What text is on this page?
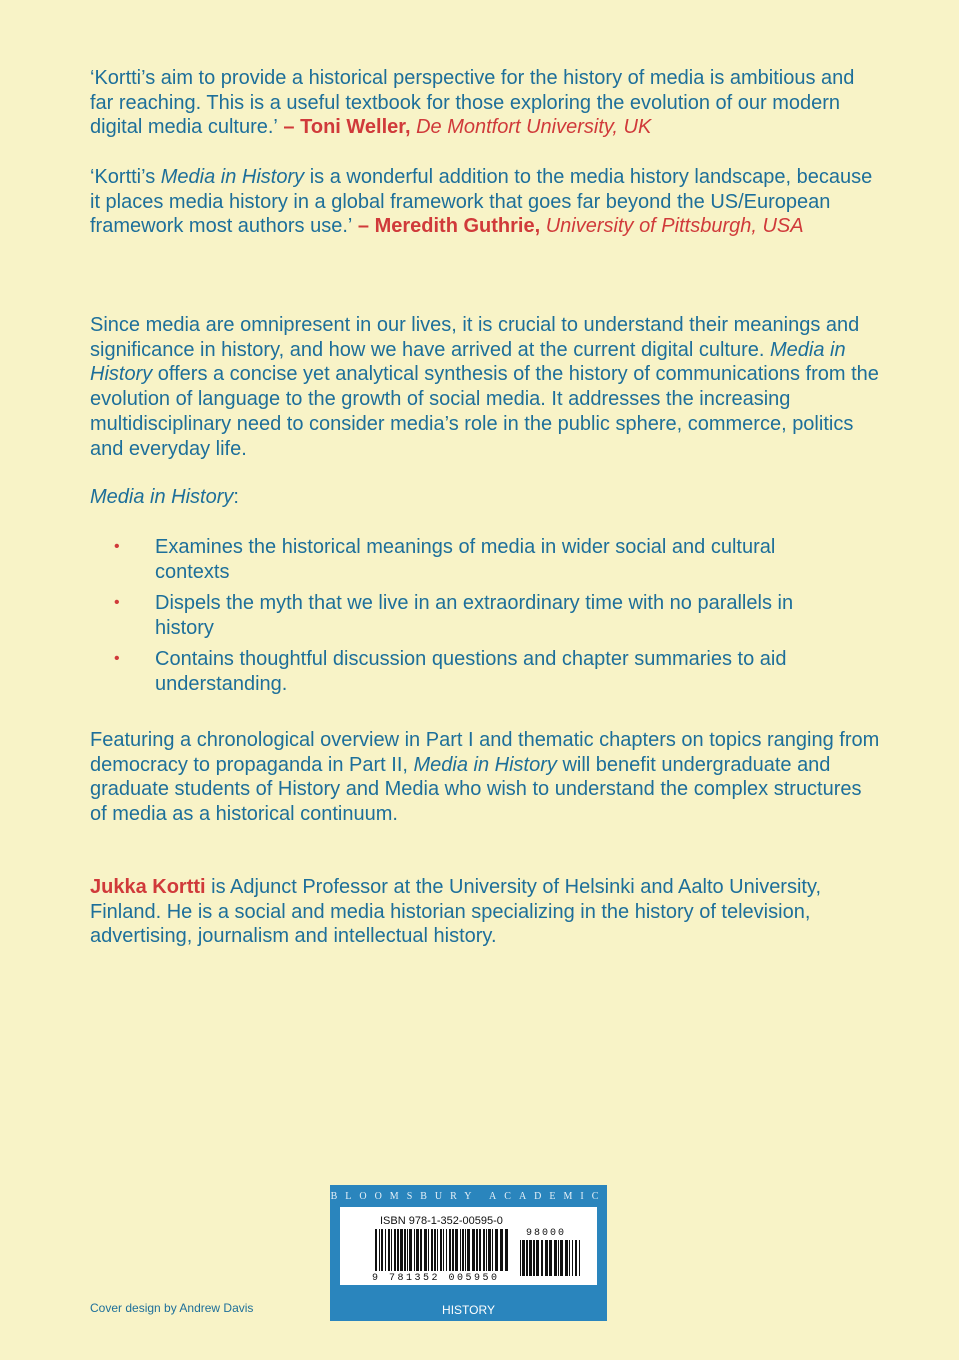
‘Kortti’s aim to provide a historical perspective for the history of media is ambitious and far reaching. This is a useful textbook for those exploring the evolution of our modern digital media culture.’ – Toni Weller, De Montfort University, UK

‘Kortti’s Media in History is a wonderful addition to the media history landscape, because it places media history in a global framework that goes far beyond the US/European framework most authors use.’ – Meredith Guthrie, University of Pittsburgh, USA

Since media are omnipresent in our lives, it is crucial to understand their meanings and significance in history, and how we have arrived at the current digital culture. Media in History offers a concise yet analytical synthesis of the history of communications from the evolution of language to the growth of social media. It addresses the increasing multidisciplinary need to consider media’s role in the public sphere, commerce, politics and everyday life.

Media in History:

• Examines the historical meanings of media in wider social and cultural contexts
• Dispels the myth that we live in an extraordinary time with no parallels in history
• Contains thoughtful discussion questions and chapter summaries to aid understanding.

Featuring a chronological overview in Part I and thematic chapters on topics ranging from democracy to propaganda in Part II, Media in History will benefit undergraduate and graduate students of History and Media who wish to understand the complex structures of media as a historical continuum.

Jukka Kortti is Adjunct Professor at the University of Helsinki and Aalto University, Finland. He is a social and media historian specializing in the history of television, advertising, journalism and intellectual history.

Cover design by Andrew Davis
BLOOMSBURY ACADEMIC
ISBN 978-1-352-00595-0
98000
9 781352 005950
HISTORY
